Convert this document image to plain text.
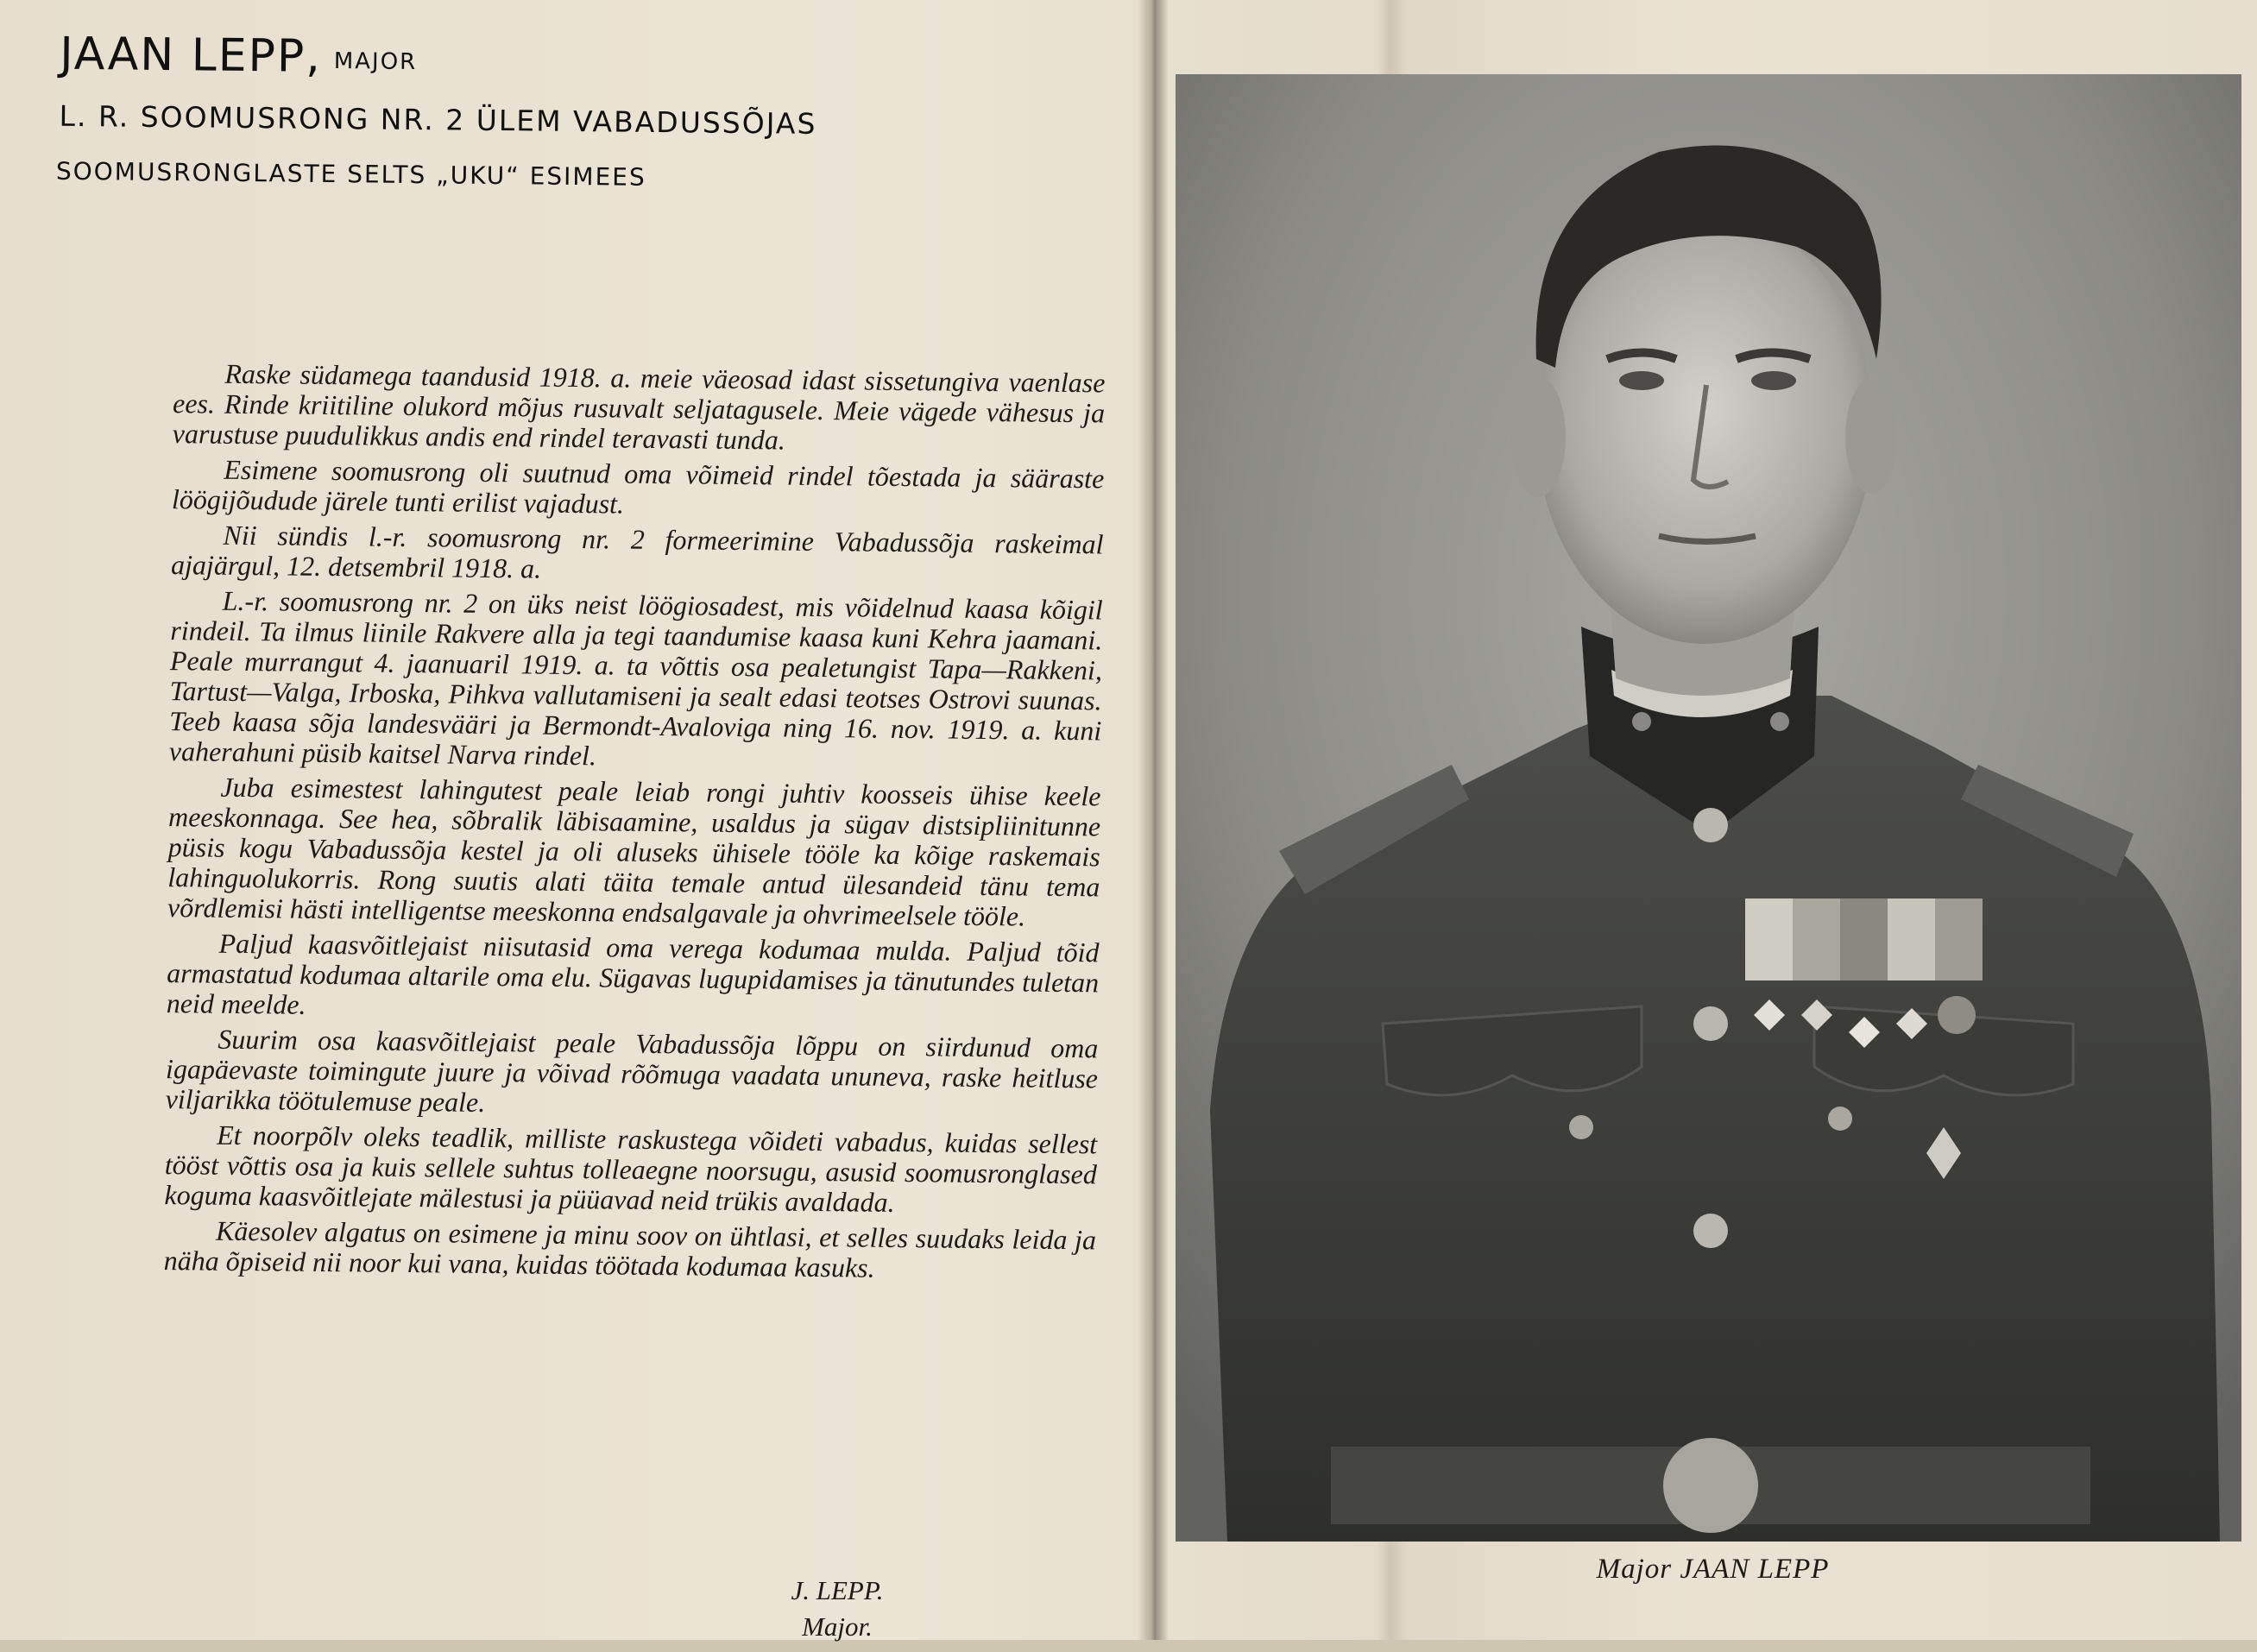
JAAN LEPP, MAJOR

L. R. SOOMUSRONG NR. 2 ÜLEM VABADUSSÕJAS

SOOMUSRONGLASTE SELTS „UKU“ ESIMEES

Raske südamega taandusid 1918. a. meie väeosad idast sissetungiva vaenlase ees. Rinde kriitiline olukord mõjus rusuvalt seljatagusele. Meie vägede vähesus ja varustuse puudulikkus andis end rindel teravasti tunda.

Esimene soomusrong oli suutnud oma võimeid rindel tõestada ja sääraste löögijõudude järele tunti erilist vajadust.

Nii sündis l.-r. soomusrong nr. 2 formeerimine Vabadussõja raskeimal ajajärgul, 12. detsembril 1918. a.

L.-r. soomusrong nr. 2 on üks neist löögiosadest, mis võidelnud kaasa kõigil rindeil. Ta ilmus liinile Rakvere alla ja tegi taandumise kaasa kuni Kehra jaamani. Peale murrangut 4. jaanuaril 1919. a. ta võttis osa pealetungist Tapa—Rakkeni, Tartust—Valga, Irboska, Pihkva vallutamiseni ja sealt edasi teotses Ostrovi suunas. Teeb kaasa sõja landesvääri ja Bermondt-Avaloviga ning 16. nov. 1919. a. kuni vaherahuni püsib kaitsel Narva rindel.

Juba esimestest lahingutest peale leiab rongi juhtiv koosseis ühise keele meeskonnaga. See hea, sõbralik läbisaamine, usaldus ja sügav distsipliinitunne püsis kogu Vabadussõja kestel ja oli aluseks ühisele tööle ka kõige raskemais lahinguolukorris. Rong suutis alati täita temale antud ülesandeid tänu tema võrdlemisi hästi intelligentse meeskonna endsalgavale ja ohvrimeelsele tööle.

Paljud kaasvõitlejaist niisutasid oma verega kodumaa mulda. Paljud tõid armastatud kodumaa altarile oma elu. Sügavas lugupidamises ja tänutundes tuletan neid meelde.

Suurim osa kaasvõitlejaist peale Vabadussõja lõppu on siirdunud oma igapäevaste toimingute juure ja võivad rõõmuga vaadata ununeva, raske heitluse viljarikka töötulemuse peale.

Et noorpõlv oleks teadlik, milliste raskustega võideti vabadus, kuidas sellest tööst võttis osa ja kuis sellele suhtus tolleaegne noorsugu, asusid soomusronglased koguma kaasvõitlejate mälestusi ja püüavad neid trükis avaldada.

Käesolev algatus on esimene ja minu soov on ühtlasi, et selles suudaks leida ja näha õpiseid nii noor kui vana, kuidas töötada kodumaa kasuks.

J. LEPP.
Major.
Major JAAN LEPP
